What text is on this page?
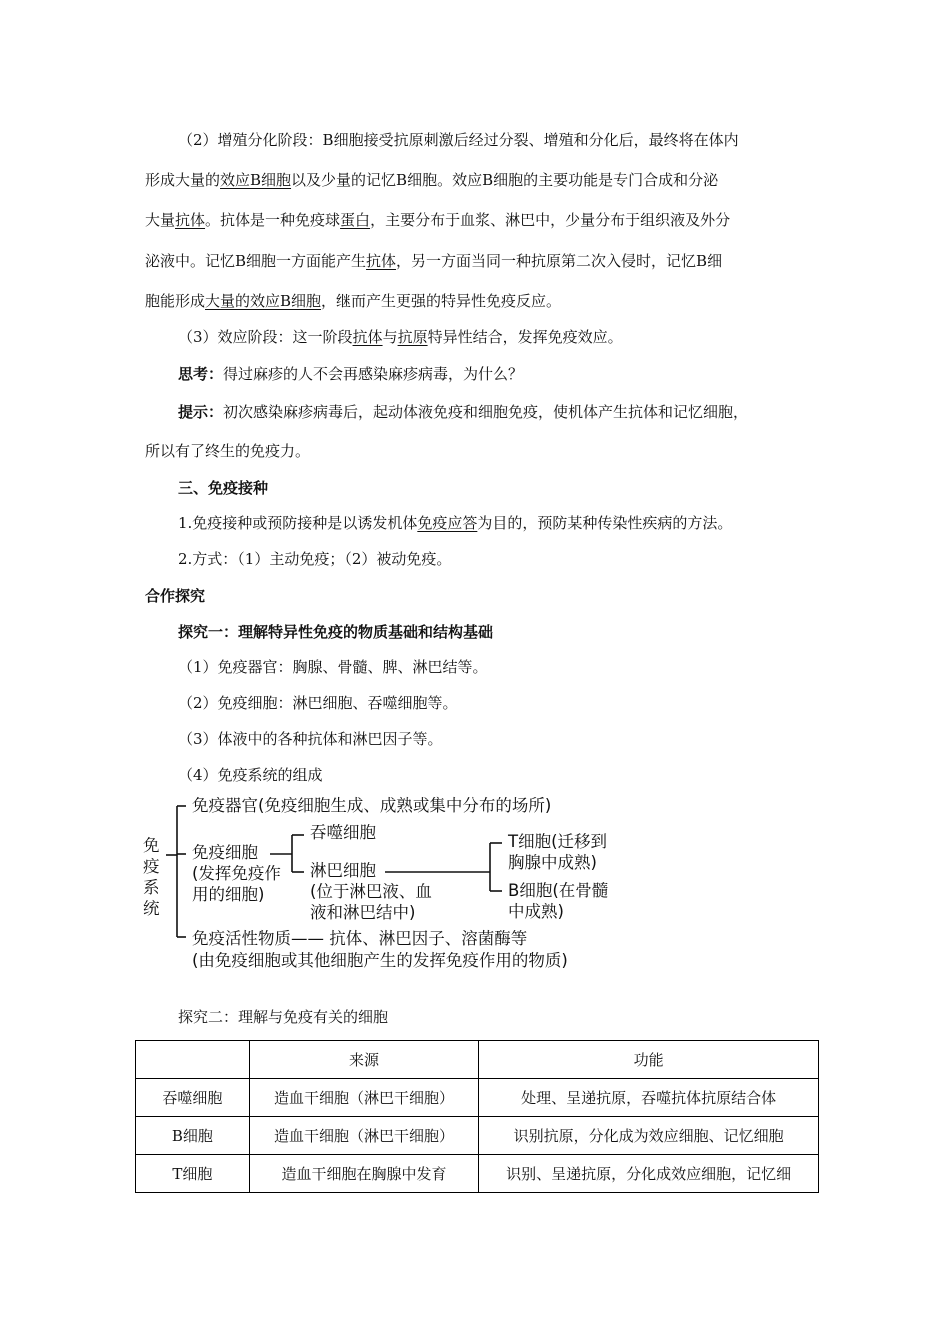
（2）增殖分化阶段：B细胞接受抗原刺激后经过分裂、增殖和分化后，最终将在体内
形成大量的效应B细胞以及少量的记忆B细胞。效应B细胞的主要功能是专门合成和分泌
大量抗体。抗体是一种免疫球蛋白，主要分布于血浆、淋巴中，少量分布于组织液及外分
泌液中。记忆B细胞一方面能产生抗体，另一方面当同一种抗原第二次入侵时，记忆B细
胞能形成大量的效应B细胞，继而产生更强的特异性免疫反应。
（3）效应阶段：这一阶段抗体与抗原特异性结合，发挥免疫效应。
思考：得过麻疹的人不会再感染麻疹病毒，为什么？
提示：初次感染麻疹病毒后，起动体液免疫和细胞免疫，使机体产生抗体和记忆细胞，
所以有了终生的免疫力。
三、免疫接种
1.免疫接种或预防接种是以诱发机体免疫应答为目的，预防某种传染性疾病的方法。
2.方式：（1）主动免疫；（2）被动免疫。
合作探究
探究一：理解特异性免疫的物质基础和结构基础
（1）免疫器官：胸腺、骨髓、脾、淋巴结等。
（2）免疫细胞：淋巴细胞、吞噬细胞等。
（3）体液中的各种抗体和淋巴因子等。
（4）免疫系统的组成
免
疫
系
统
免疫器官(免疫细胞生成、成熟或集中分布的场所)
免疫细胞
(发挥免疫作
用的细胞)
吞噬细胞
淋巴细胞
(位于淋巴液、血
液和淋巴结中)
T细胞(迁移到
胸腺中成熟)
B细胞(在骨髓
中成熟)
免疫活性物质—— 抗体、淋巴因子、溶菌酶等
(由免疫细胞或其他细胞产生的发挥免疫作用的物质)
探究二：理解与免疫有关的细胞
	来源	功能
吞噬细胞	造血干细胞（淋巴干细胞）	处理、呈递抗原，吞噬抗体抗原结合体
B细胞	造血干细胞（淋巴干细胞）	识别抗原，分化成为效应细胞、记忆细胞
T细胞	造血干细胞在胸腺中发育	识别、呈递抗原，分化成效应细胞，记忆细
